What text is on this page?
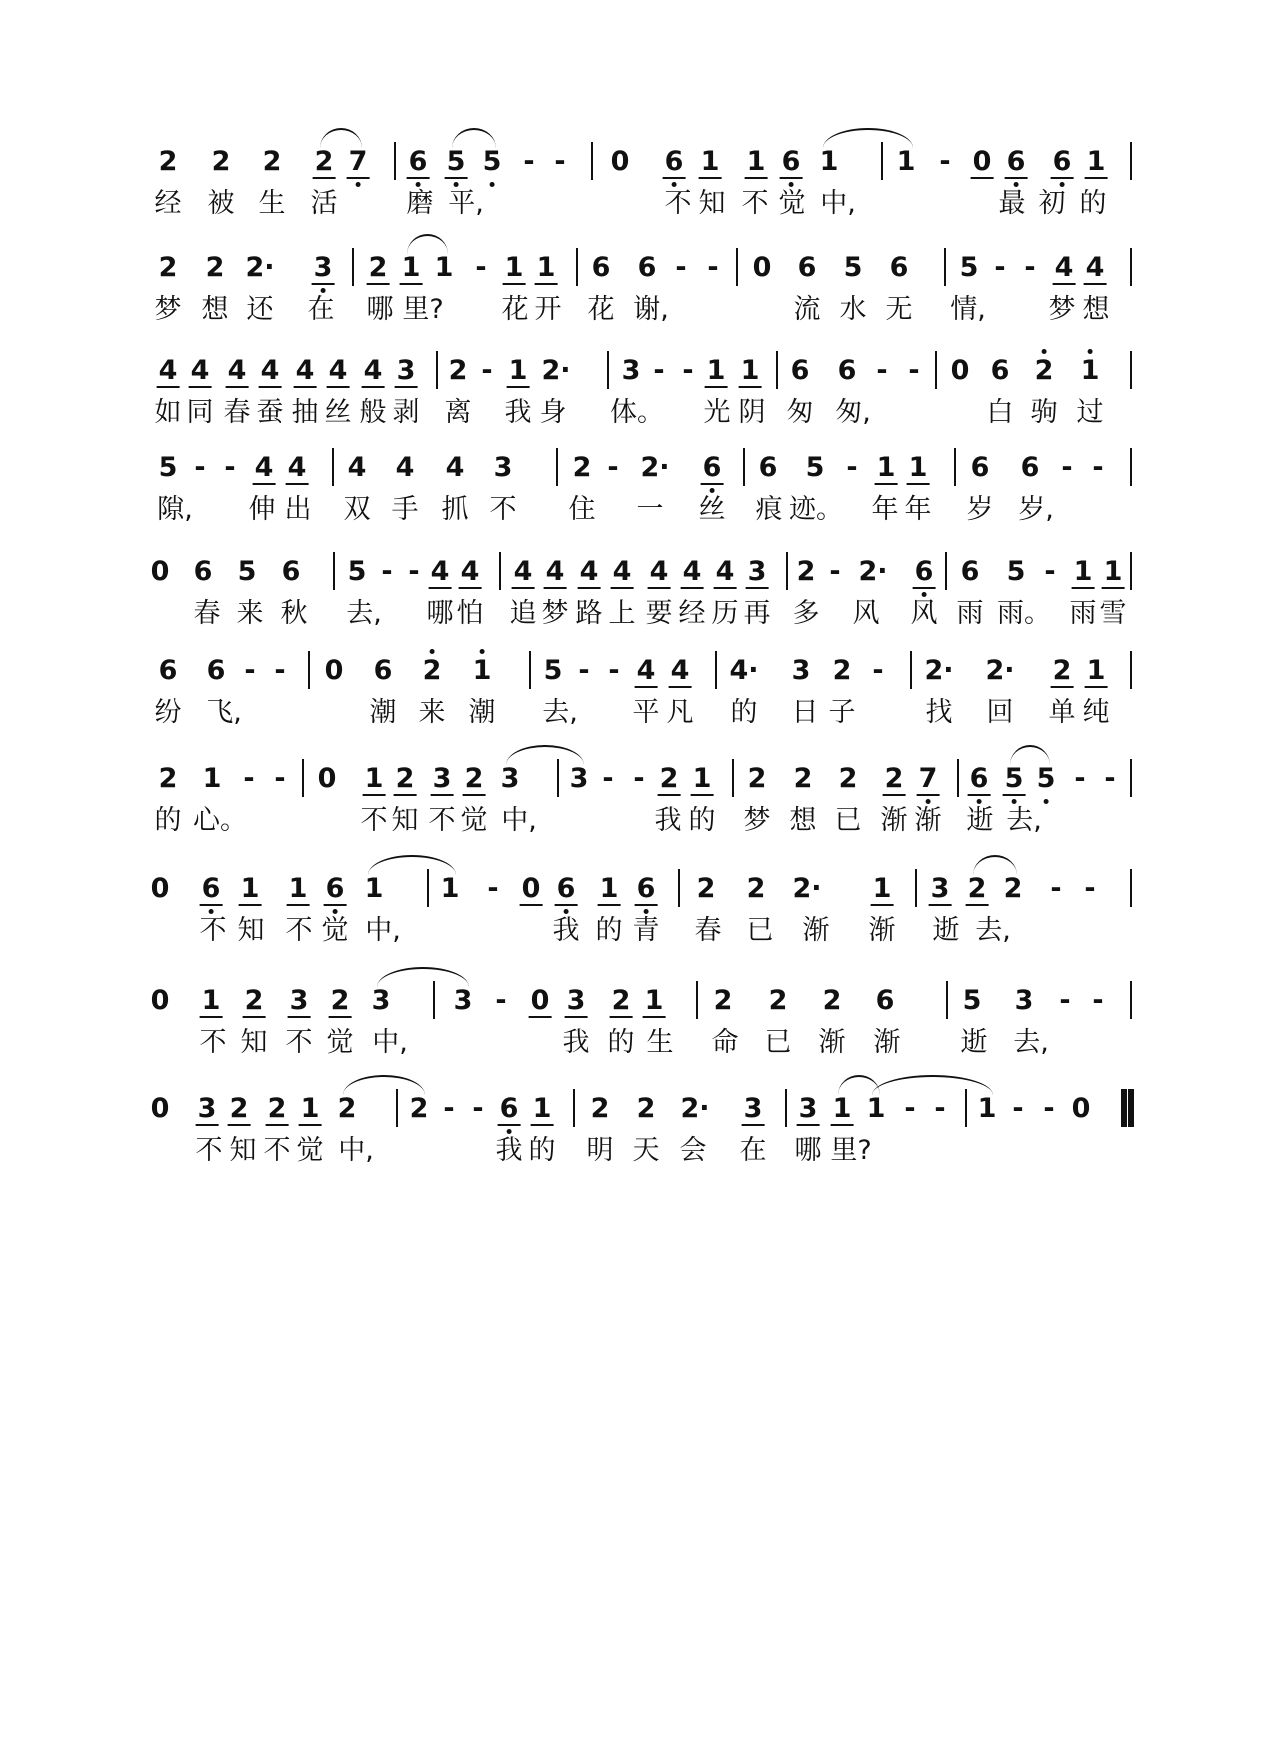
2 2 2 2 7 6 5 5 - - 0 6 1 1 6 1 1 - 0 6 6 1
经 被 生 活	磨 平,	不 知 不 觉 中,	最 初 的
2 2 2· 3 2 1 1 - 1 1 6 6 - - 0 6 5 6 5 - - 4 4
梦 想 还 在 哪 里? 花 开 花 谢,	流 水 无 情, 梦 想
4 4 4 4 4 4 4 3 2 - 1 2· 3 - - 1 1 6 6 - - 0 6 2 1
如 同 春 蚕 抽 丝 般 剥 离 我 身 体。 光 阴 匆 匆,	白 驹 过
5 - - 4 4 4 4 4 3 2 - 2· 6 6 5 - 1 1 6 6 - -
隙, 伸 出 双 手 抓 不 住 一 丝 痕 迹。 年 年 岁 岁,
0 6 5 6 5 - - 4 4 4 4 4 4 4 4 4 3 2 - 2· 6 6 5 - 1 1
春 来 秋 去, 哪 怕 追 梦 路 上 要 经 历 再 多 风 风 雨 雨。 雨 雪
6 6 - - 0 6 2 1 5 - - 4 4 4· 3 2 - 2· 2· 2 1
纷 飞,	潮 来 潮 去, 平 凡 的 日 子	找 回 单 纯
2 1 - - 0 1 2 3 2 3 3 - - 2 1 2 2 2 2 7 6 5 5 - -
的 心。	不 知 不 觉 中,	我 的 梦 想 已 渐 渐 逝 去,
0 6 1 1 6 1 1 - 0 6 1 6 2 2 2· 1 3 2 2 - -
不 知 不 觉 中,	我 的 青 春 已 渐 渐 逝 去,
0 1 2 3 2 3 3 - 0 3 2 1 2 2 2 6	5 3 - -
不 知 不 觉 中,	我 的 生 命 已 渐 渐 逝 去,
0 3 2 2 1 2 2 - - 6 1 2 2 2· 3 3 1 1 - - 1 - - 0
不 知 不 觉 中,	我 的 明 天 会 在 哪 里?
